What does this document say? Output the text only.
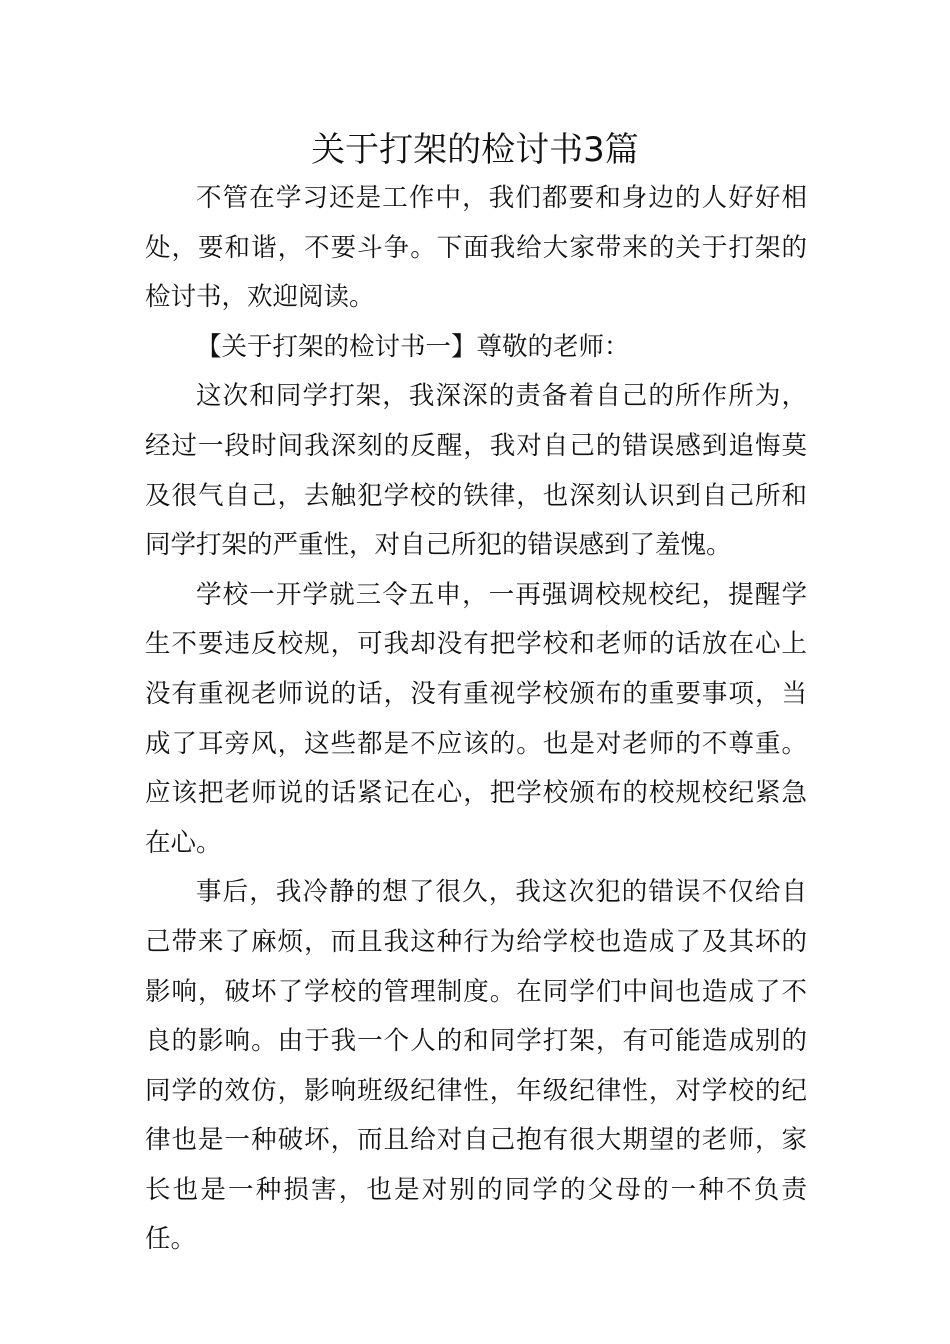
关于打架的检讨书3篇

不管在学习还是工作中，我们都要和身边的人好好相处，要和谐，不要斗争。下面我给大家带来的关于打架的检讨书，欢迎阅读。

【关于打架的检讨书一】尊敬的老师：

这次和同学打架，我深深的责备着自己的所作所为，经过一段时间我深刻的反醒，我对自己的错误感到追悔莫及很气自己，去触犯学校的铁律，也深刻认识到自己所和同学打架的严重性，对自己所犯的错误感到了羞愧。

学校一开学就三令五申，一再强调校规校纪，提醒学生不要违反校规，可我却没有把学校和老师的话放在心上没有重视老师说的话，没有重视学校颁布的重要事项，当成了耳旁风，这些都是不应该的。也是对老师的不尊重。应该把老师说的话紧记在心，把学校颁布的校规校纪紧急在心。

事后，我冷静的想了很久，我这次犯的错误不仅给自己带来了麻烦，而且我这种行为给学校也造成了及其坏的影响，破坏了学校的管理制度。在同学们中间也造成了不良的影响。由于我一个人的和同学打架，有可能造成别的同学的效仿，影响班级纪律性，年级纪律性，对学校的纪律也是一种破坏，而且给对自己抱有很大期望的老师，家长也是一种损害，也是对别的同学的父母的一种不负责任。
